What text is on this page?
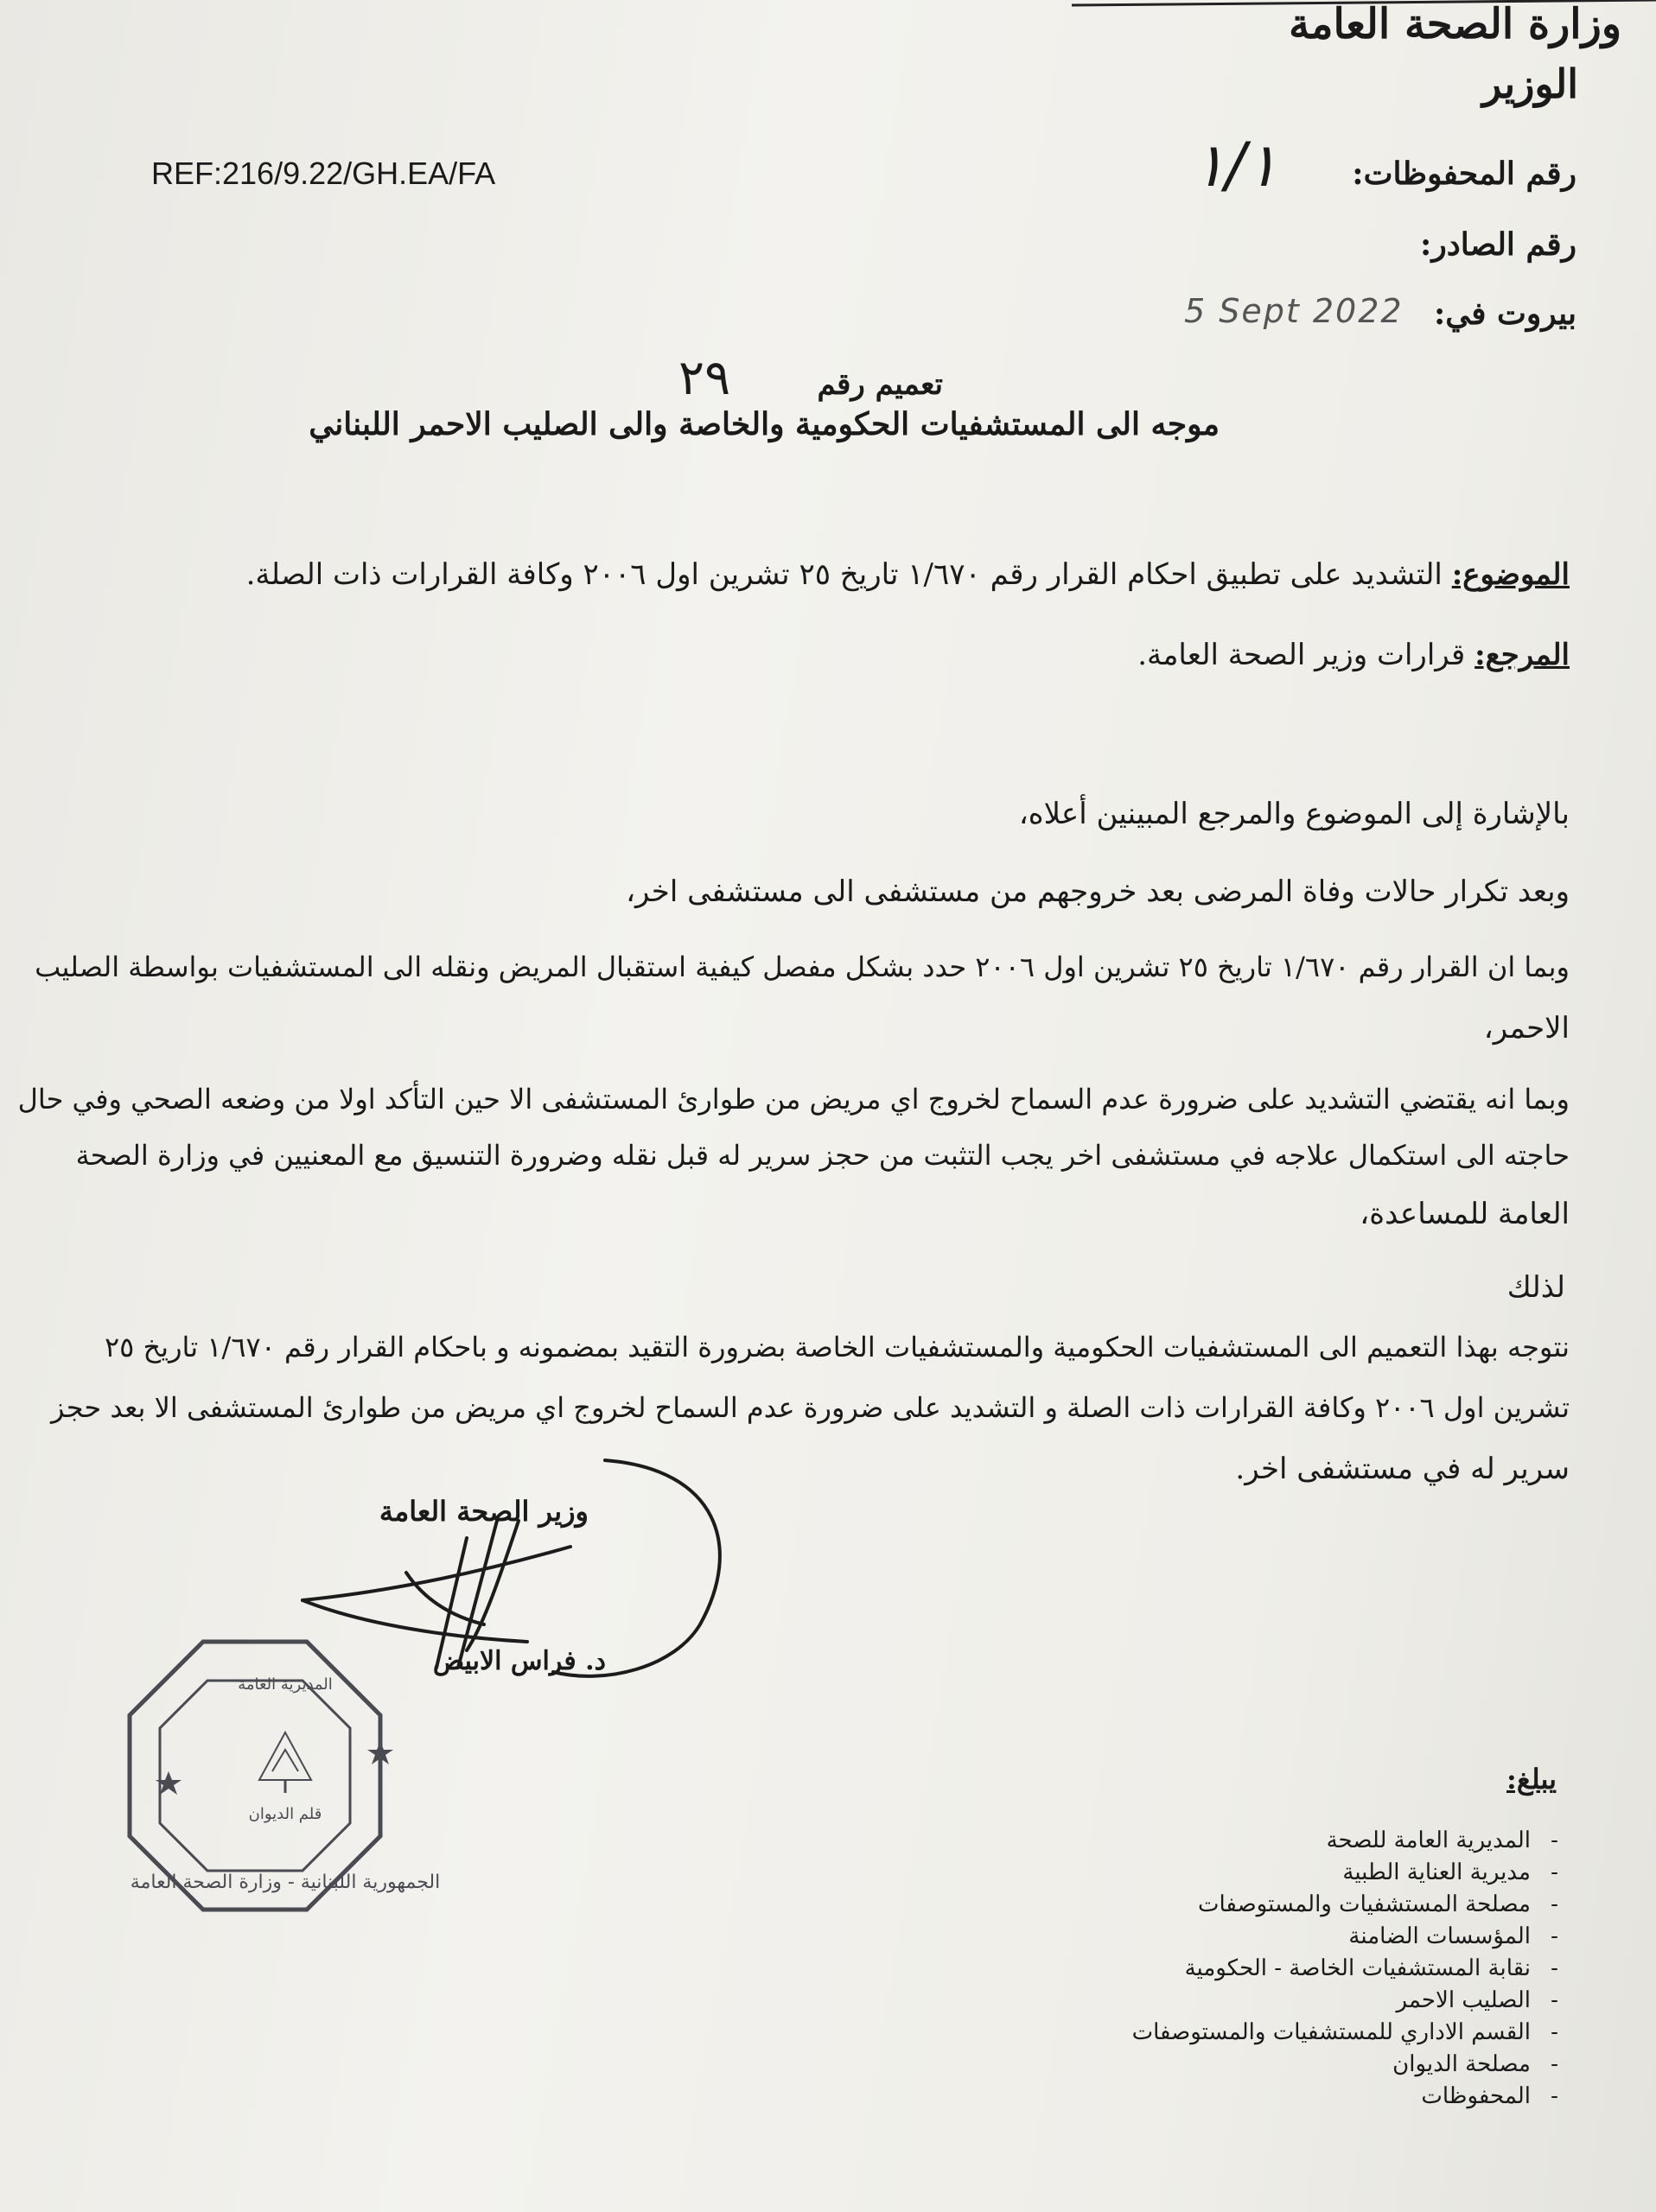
وزارة الصحة العامة
الوزير
REF:216/9.22/GH.EA/FA	رقم المحفوظات:
١/١
رقم الصادر:
بيروت في:
5 Sept 2022
تعميم رقم
٢٩
موجه الى المستشفيات الحكومية والخاصة والى الصليب الاحمر اللبناني
الموضوع: التشديد على تطبيق احكام القرار رقم ١/٦٧٠ تاريخ ٢٥ تشرين اول ٢٠٠٦ وكافة القرارات ذات الصلة.
المرجع: قرارات وزير الصحة العامة.
بالإشارة إلى الموضوع والمرجع المبينين أعلاه،
وبعد تكرار حالات وفاة المرضى بعد خروجهم من مستشفى الى مستشفى اخر،
وبما ان القرار رقم ١/٦٧٠ تاريخ ٢٥ تشرين اول ٢٠٠٦ حدد بشكل مفصل كيفية استقبال المريض ونقله الى المستشفيات بواسطة الصليب
الاحمر،
وبما انه يقتضي التشديد على ضرورة عدم السماح لخروج اي مريض من طوارئ المستشفى الا حين التأكد اولا من وضعه الصحي وفي حال
حاجته الى استكمال علاجه في مستشفى اخر يجب التثبت من حجز سرير له قبل نقله وضرورة التنسيق مع المعنيين في وزارة الصحة
العامة للمساعدة،
لذلك
نتوجه بهذا التعميم الى المستشفيات الحكومية والمستشفيات الخاصة بضرورة التقيد بمضمونه و باحكام القرار رقم ١/٦٧٠ تاريخ ٢٥
تشرين اول ٢٠٠٦ وكافة القرارات ذات الصلة و التشديد على ضرورة عدم السماح لخروج اي مريض من طوارئ المستشفى الا بعد حجز
سرير له في مستشفى اخر.
وزير الصحة العامة
د. فراس الابيض
المديرية العامة
قلم الديوان
الجمهورية اللبنانية - وزارة الصحة العامة
يبلغ:
- المديرية العامة للصحة
- مديرية العناية الطبية
- مصلحة المستشفيات والمستوصفات
- المؤسسات الضامنة
- نقابة المستشفيات الخاصة - الحكومية
- الصليب الاحمر
- القسم الاداري للمستشفيات والمستوصفات
- مصلحة الديوان
- المحفوظات
